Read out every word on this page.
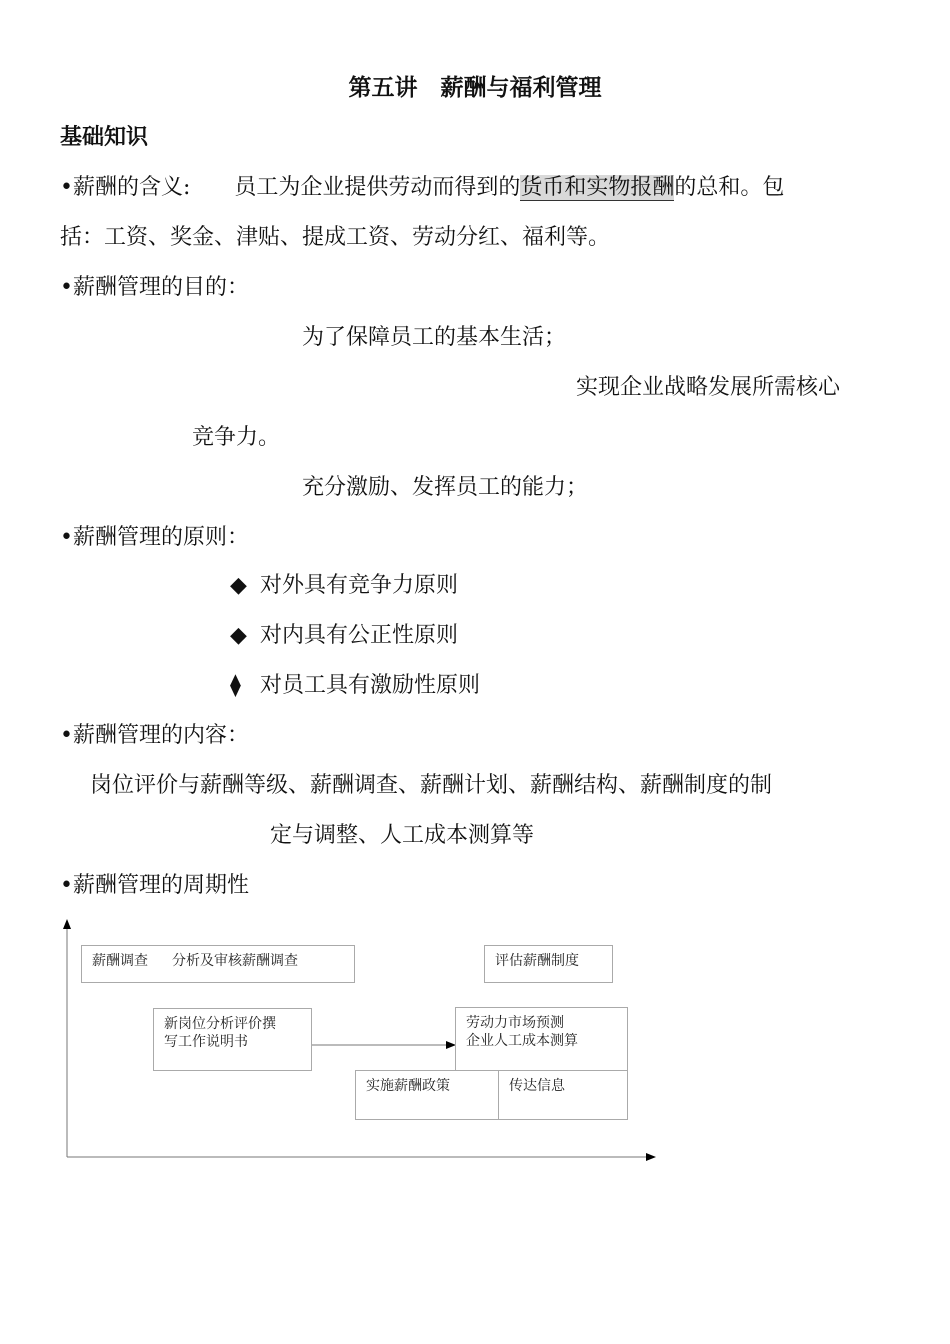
第五讲　薪酬与福利管理
基础知识
•薪酬的含义: 员工为企业提供劳动而得到的货币和实物报酬的总和。包
括：工资、奖金、津贴、提成工资、劳动分红、福利等。
•薪酬管理的目的：
为了保障员工的基本生活；
实现企业战略发展所需核心
竞争力。
充分激励、发挥员工的能力；
•薪酬管理的原则：
◆ 对外具有竞争力原则
◆ 对内具有公正性原则
⧫ 对员工具有激励性原则
•薪酬管理的内容：
岗位评价与薪酬等级、薪酬调查、薪酬计划、薪酬结构、薪酬制度的制
定与调整、人工成本测算等
•薪酬管理的周期性
薪酬调查 分析及审核薪酬调查	评估薪酬制度
新岗位分析评价撰
写工作说明书
劳动力市场预测
企业人工成本测算
实施薪酬政策	传达信息
